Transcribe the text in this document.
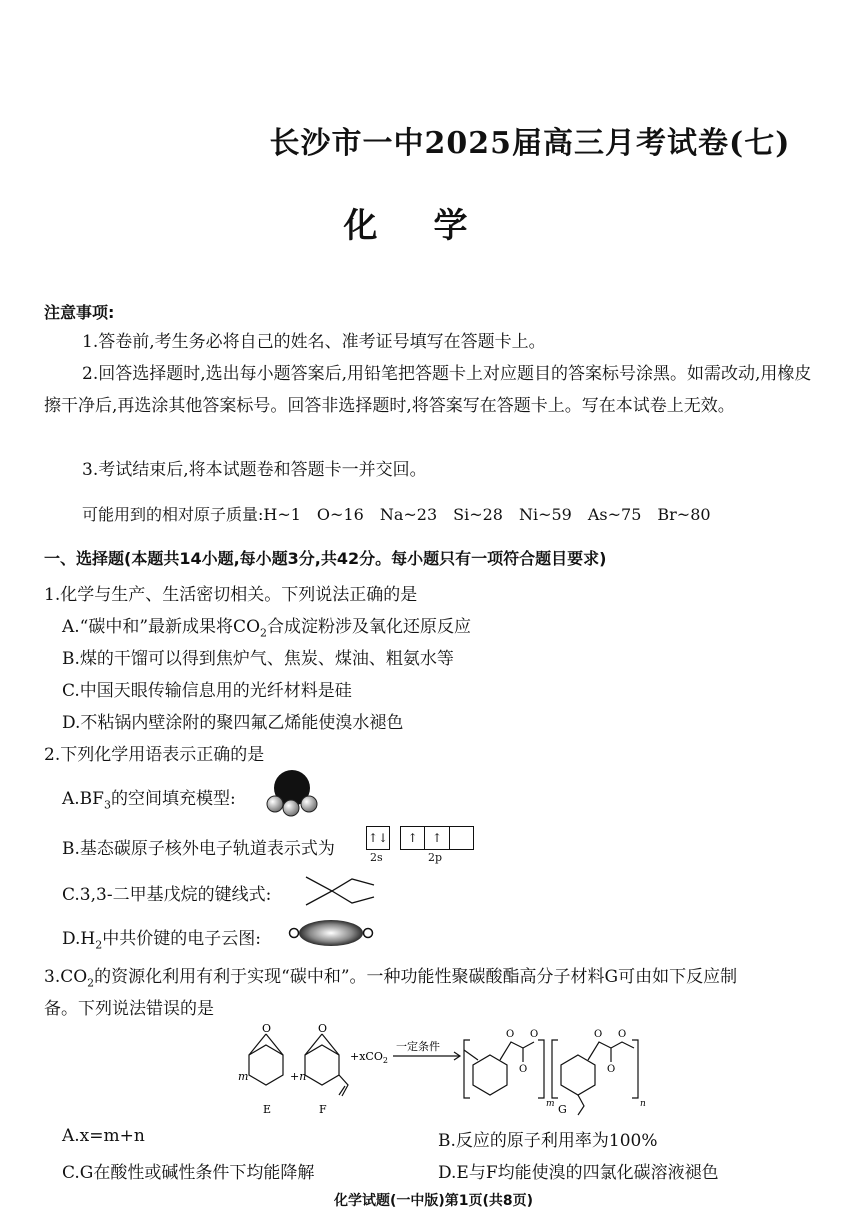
长沙市一中2025届高三月考试卷(七)
化学
注意事项:
1.答卷前,考生务必将自己的姓名、准考证号填写在答题卡上。
2.回答选择题时,选出每小题答案后,用铅笔把答题卡上对应题目的答案标号涂黑。如需改动,用橡皮擦干净后,再选涂其他答案标号。回答非选择题时,将答案写在答题卡上。写在本试卷上无效。
3.考试结束后,将本试题卷和答题卡一并交回。
可能用到的相对原子质量:H~1　O~16　Na~23　Si~28　Ni~59　As~75　Br~80
一、选择题(本题共14小题,每小题3分,共42分。每小题只有一项符合题目要求)
1.化学与生产、生活密切相关。下列说法正确的是
A.“碳中和”最新成果将$CO_2$合成淀粉涉及氧化还原反应
B.煤的干馏可以得到焦炉气、焦炭、煤油、粗氨水等
C.中国天眼传输信息用的光纤材料是硅
D.不粘锅内壁涂附的聚四氟乙烯能使溴水褪色
2.下列化学用语表示正确的是
$A.BF_3$的空间填充模型:
B.基态碳原子核外电子轨道表示式为
↑↓
2s
↑	↑
2p
C.3,3-二甲基戊烷的键线式:
$D.H_2$中共价键的电子云图:
$3.CO_2$的资源化利用有利于实现“碳中和”。一种功能性聚碳酸酯高分子材料G可由如下反应制
备。下列说法错误的是
m
O
E
+n
O
F
+xCO$_2$
一定条件
O O
O
m
O O
O
n
G
A.x=m+n	B.反应的原子利用率为100%
C.G在酸性或碱性条件下均能降解	D.E与F均能使溴的四氯化碳溶液褪色
化学试题(一中版)第1页(共8页)
